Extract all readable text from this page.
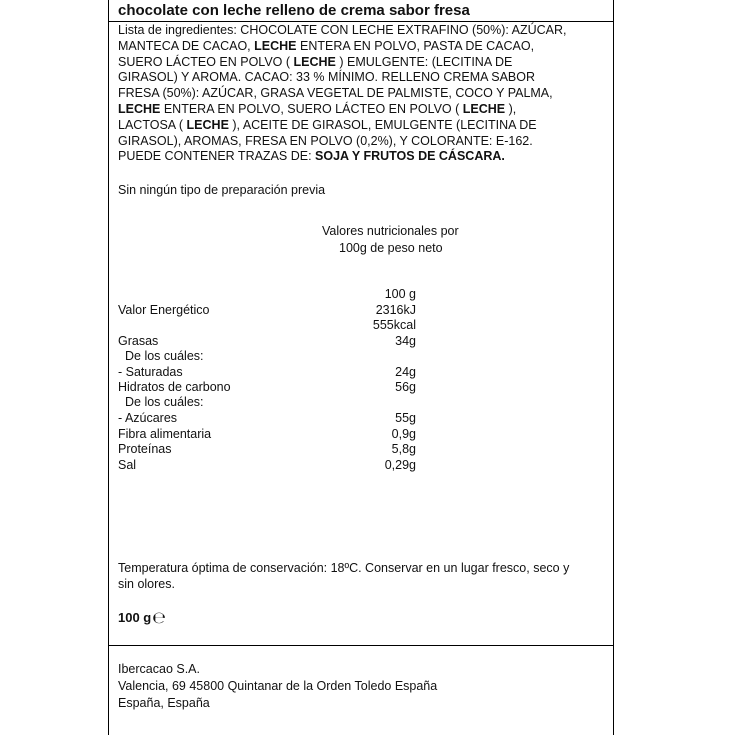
chocolate con leche relleno de crema sabor fresa
Lista de ingredientes: CHOCOLATE CON LECHE EXTRAFINO (50%): AZÚCAR,
MANTECA DE CACAO, LECHE ENTERA EN POLVO, PASTA DE CACAO,
SUERO LÁCTEO EN POLVO ( LECHE ) EMULGENTE: (LECITINA DE
GIRASOL) Y AROMA. CACAO: 33 % MÍNIMO. RELLENO CREMA SABOR
FRESA (50%): AZÚCAR, GRASA VEGETAL DE PALMISTE, COCO Y PALMA,
LECHE ENTERA EN POLVO, SUERO LÁCTEO EN POLVO ( LECHE ),
LACTOSA ( LECHE ), ACEITE DE GIRASOL, EMULGENTE (LECITINA DE
GIRASOL), AROMAS, FRESA EN POLVO (0,2%), Y COLORANTE: E-162.
PUEDE CONTENER TRAZAS DE: SOJA Y FRUTOS DE CÁSCARA.
Sin ningún tipo de preparación previa
Valores nutricionales por
100g de peso neto
100 g
Valor Energético	2316kJ
555kcal
Grasas	34g
De los cuáles:
- Saturadas	24g
Hidratos de carbono	56g
De los cuáles:
- Azúcares	55g
Fibra alimentaria	0,9g
Proteínas	5,8g
Sal	0,29g
Temperatura óptima de conservación: 18ºC. Conservar en un lugar fresco, seco y
sin olores.
100 g℮
Ibercacao S.A.
Valencia, 69 45800 Quintanar de la Orden Toledo España
España, España
